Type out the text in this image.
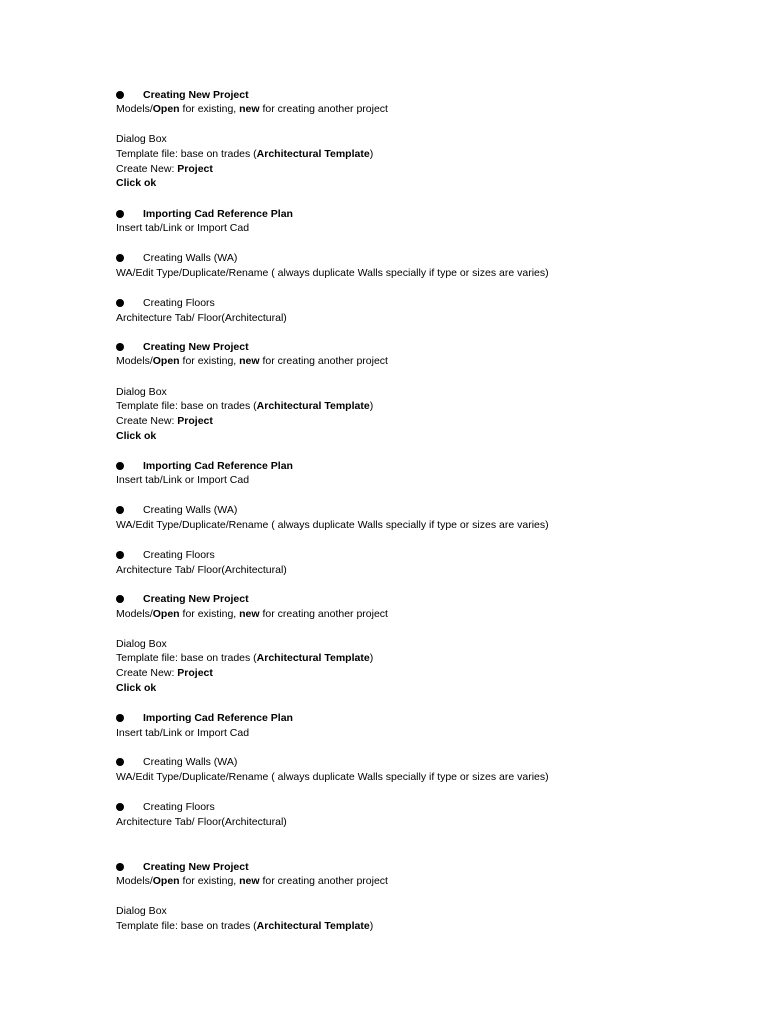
Creating New Project
Models/Open for existing, new for creating another project
Dialog Box
Template file: base on trades (Architectural Template)
Create New: Project
Click ok
Importing Cad Reference Plan
Insert tab/Link or Import Cad
Creating Walls (WA)
WA/Edit Type/Duplicate/Rename ( always duplicate Walls specially if type or sizes are varies)
Creating Floors
Architecture Tab/ Floor(Architectural)
Creating New Project
Models/Open for existing, new for creating another project
Dialog Box
Template file: base on trades (Architectural Template)
Create New: Project
Click ok
Importing Cad Reference Plan
Insert tab/Link or Import Cad
Creating Walls (WA)
WA/Edit Type/Duplicate/Rename ( always duplicate Walls specially if type or sizes are varies)
Creating Floors
Architecture Tab/ Floor(Architectural)
Creating New Project
Models/Open for existing, new for creating another project
Dialog Box
Template file: base on trades (Architectural Template)
Create New: Project
Click ok
Importing Cad Reference Plan
Insert tab/Link or Import Cad
Creating Walls (WA)
WA/Edit Type/Duplicate/Rename ( always duplicate Walls specially if type or sizes are varies)
Creating Floors
Architecture Tab/ Floor(Architectural)
Creating New Project
Models/Open for existing, new for creating another project
Dialog Box
Template file: base on trades (Architectural Template)
